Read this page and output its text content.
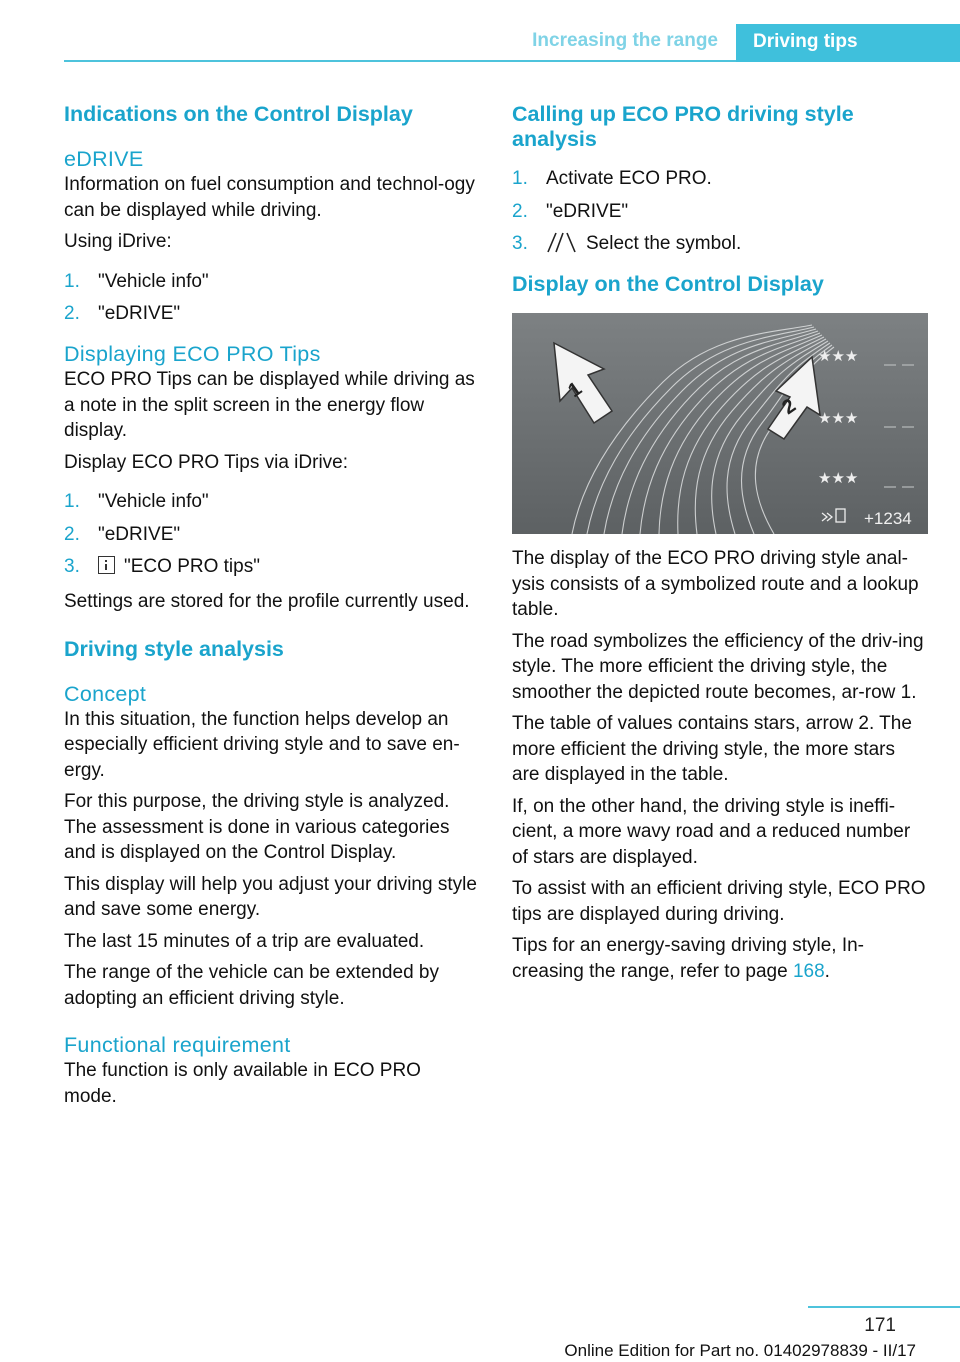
Increasing the range	Driving tips
Indications on the Control Display
eDRIVE

Information on fuel consumption and technol‐ogy can be displayed while driving.

Using iDrive:

1. "Vehicle info"
2. "eDRIVE"
Displaying ECO PRO Tips

ECO PRO Tips can be displayed while driving as a note in the split screen in the energy flow display.

Display ECO PRO Tips via iDrive:

1. "Vehicle info"
2. "eDRIVE"
3. "ECO PRO tips"

Settings are stored for the profile currently used.

Driving style analysis
Concept

In this situation, the function helps develop an especially efficient driving style and to save en‐ergy.

For this purpose, the driving style is analyzed. The assessment is done in various categories and is displayed on the Control Display.

This display will help you adjust your driving style and save some energy.

The last 15 minutes of a trip are evaluated.

The range of the vehicle can be extended by adopting an efficient driving style.

Functional requirement

The function is only available in ECO PRO mode.

Calling up ECO PRO driving style analysis
1. Activate ECO PRO.
2. "eDRIVE"
3.	Select the symbol.
Display on the Control Display
1
2
★★★
★★★
★★★
+1234

The display of the ECO PRO driving style anal‐ysis consists of a symbolized route and a lookup table.

The road symbolizes the efficiency of the driv‐ing style. The more efficient the driving style, the smoother the depicted route becomes, ar‐row 1.

The table of values contains stars, arrow 2. The more efficient the driving style, the more stars are displayed in the table.

If, on the other hand, the driving style is ineffi‐cient, a more wavy road and a reduced number of stars are displayed.

To assist with an efficient driving style, ECO PRO tips are displayed during driving.

Tips for an energy-saving driving style, In‐creasing the range, refer to page 168.

171
Online Edition for Part no. 01402978839 - II/17
